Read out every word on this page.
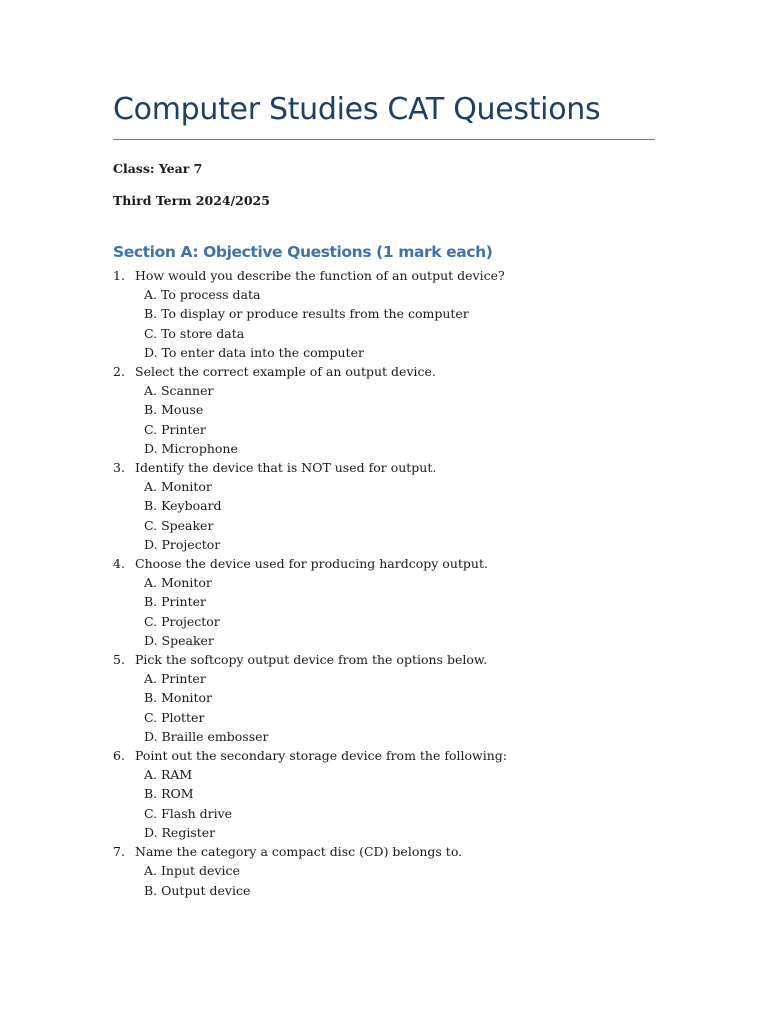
Computer Studies CAT Questions
Class: Year 7
Third Term 2024/2025
Section A: Objective Questions (1 mark each)
1. How would you describe the function of an output device?
A. To process data
B. To display or produce results from the computer
C. To store data
D. To enter data into the computer
2. Select the correct example of an output device.
A. Scanner
B. Mouse
C. Printer
D. Microphone
3. Identify the device that is NOT used for output.
A. Monitor
B. Keyboard
C. Speaker
D. Projector
4. Choose the device used for producing hardcopy output.
A. Monitor
B. Printer
C. Projector
D. Speaker
5. Pick the softcopy output device from the options below.
A. Printer
B. Monitor
C. Plotter
D. Braille embosser
6. Point out the secondary storage device from the following:
A. RAM
B. ROM
C. Flash drive
D. Register
7. Name the category a compact disc (CD) belongs to.
A. Input device
B. Output device
